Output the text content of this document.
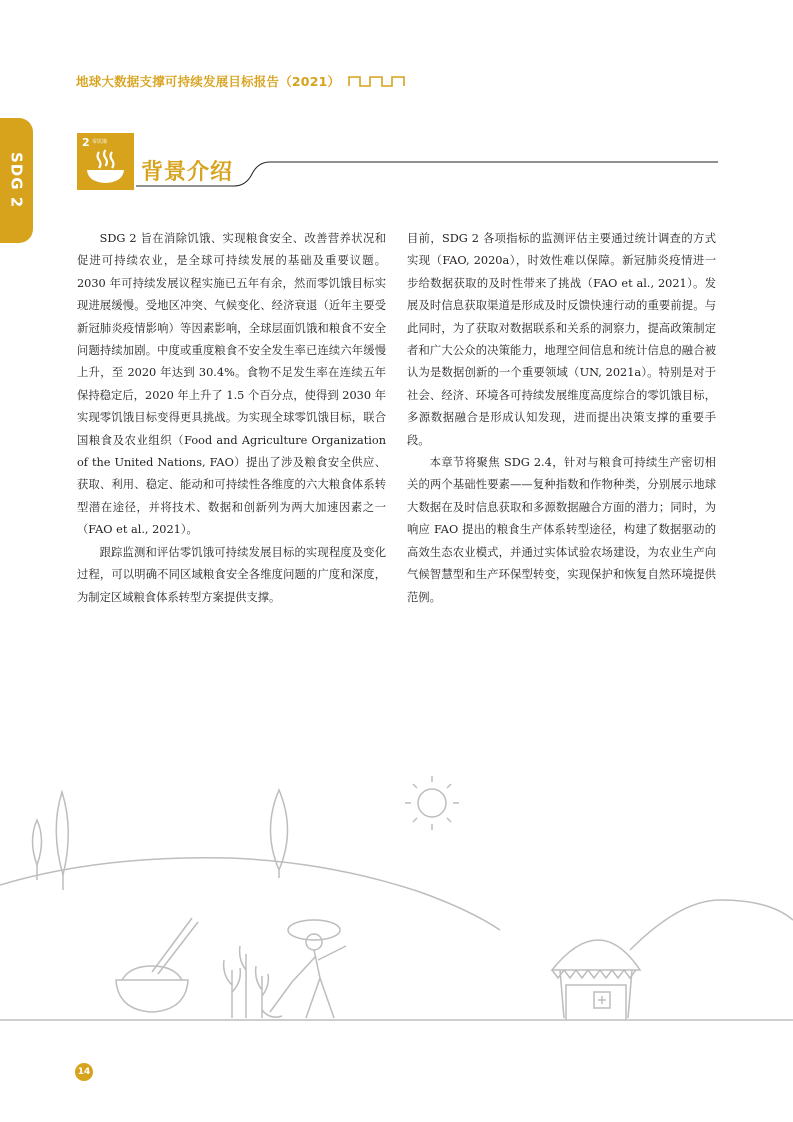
地球大数据支撑可持续发展目标报告（2021）
SDG 2
2 零饥饿
背景介绍

SDG 2 旨在消除饥饿、实现粮食安全、改善营养状况和促进可持续农业，是全球可持续发展的基础及重要议题。2030 年可持续发展议程实施已五年有余，然而零饥饿目标实现进展缓慢。受地区冲突、气候变化、经济衰退（近年主要受新冠肺炎疫情影响）等因素影响，全球层面饥饿和粮食不安全问题持续加剧。中度或重度粮食不安全发生率已连续六年缓慢上升，至 2020 年达到 30.4%。食物不足发生率在连续五年保持稳定后，2020 年上升了 1.5 个百分点，使得到 2030 年实现零饥饿目标变得更具挑战。为实现全球零饥饿目标，联合国粮食及农业组织（Food and Agriculture Organization of the United Nations, FAO）提出了涉及粮食安全供应、获取、利用、稳定、能动和可持续性各维度的六大粮食体系转型潜在途径，并将技术、数据和创新列为两大加速因素之一（FAO et al., 2021）。

跟踪监测和评估零饥饿可持续发展目标的实现程度及变化过程，可以明确不同区域粮食安全各维度问题的广度和深度，为制定区域粮食体系转型方案提供支撑。

目前，SDG 2 各项指标的监测评估主要通过统计调查的方式实现（FAO, 2020a），时效性难以保障。新冠肺炎疫情进一步给数据获取的及时性带来了挑战（FAO et al., 2021）。发展及时信息获取渠道是形成及时反馈快速行动的重要前提。与此同时，为了获取对数据联系和关系的洞察力，提高政策制定者和广大公众的决策能力，地理空间信息和统计信息的融合被认为是数据创新的一个重要领域（UN, 2021a）。特别是对于社会、经济、环境各可持续发展维度高度综合的零饥饿目标，多源数据融合是形成认知发现，进而提出决策支撑的重要手段。

本章节将聚焦 SDG 2.4，针对与粮食可持续生产密切相关的两个基础性要素——复种指数和作物种类，分别展示地球大数据在及时信息获取和多源数据融合方面的潜力；同时，为响应 FAO 提出的粮食生产体系转型途径，构建了数据驱动的高效生态农业模式，并通过实体试验农场建设，为农业生产向气候智慧型和生产环保型转变，实现保护和恢复自然环境提供范例。

14
